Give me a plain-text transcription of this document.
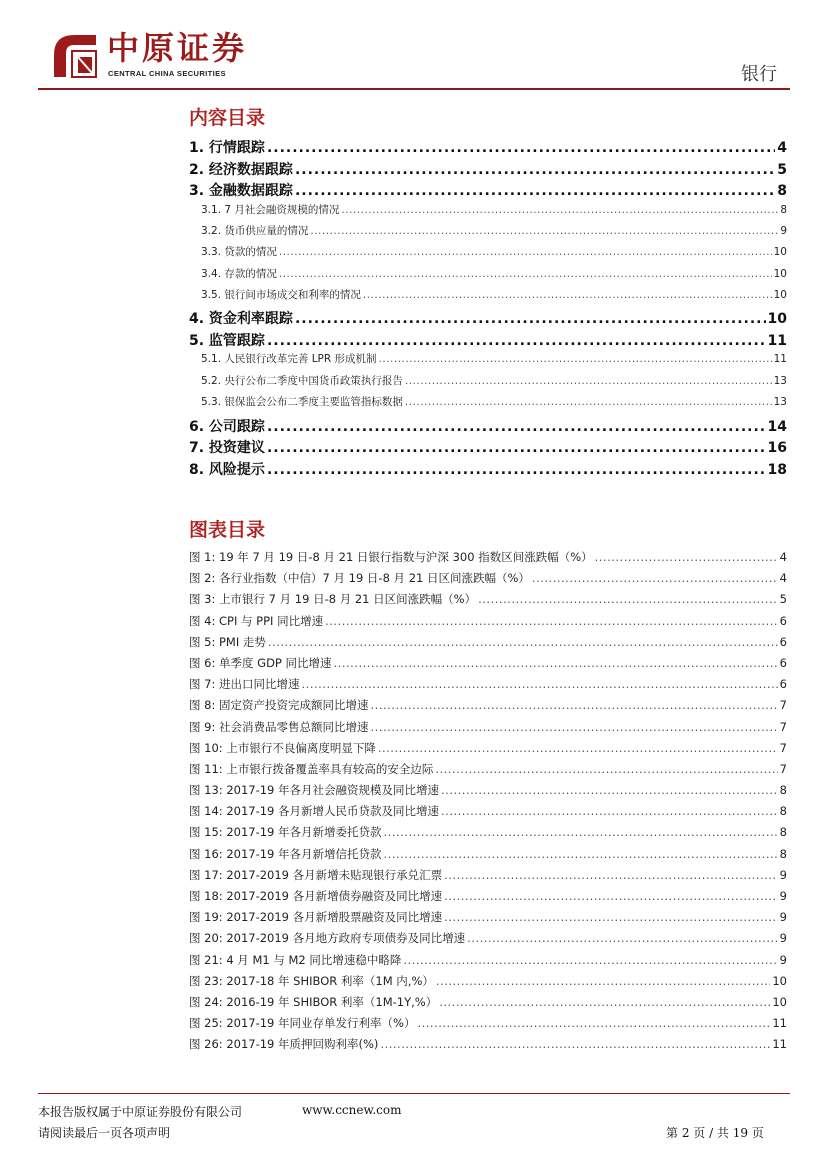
中原证券
CENTRAL CHINA SECURITIES	银行
内容目录
1. 行情跟踪 .....	4
2. 经济数据跟踪 .....	5
3. 金融数据跟踪 .....	8
3.1. 7 月社会融资规模的情况 .....	8
3.2. 货币供应量的情况 .....	9
3.3. 贷款的情况 .....	10
3.4. 存款的情况 .....	10
3.5. 银行间市场成交和利率的情况 .....	10
4. 资金利率跟踪 .....	10
5. 监管跟踪 .....	11
5.1. 人民银行改革完善 LPR 形成机制 .....	11
5.2. 央行公布二季度中国货币政策执行报告 .....	13
5.3. 银保监会公布二季度主要监管指标数据 .....	13
6. 公司跟踪 .....	14
7. 投资建议 .....	16
8. 风险提示 .....	18
图表目录
图 1: 19 年 7 月 19 日-8 月 21 日银行指数与沪深 300 指数区间涨跌幅（%） .....	4
图 2: 各行业指数（中信）7 月 19 日-8 月 21 日区间涨跌幅（%） .....	4
图 3: 上市银行 7 月 19 日-8 月 21 日区间涨跌幅（%） .....	5
图 4: CPI 与 PPI 同比增速 .....	6
图 5: PMI 走势 .....	6
图 6: 单季度 GDP 同比增速 .....	6
图 7: 进出口同比增速 .....	6
图 8: 固定资产投资完成额同比增速 .....	7
图 9: 社会消费品零售总额同比增速 .....	7
图 10: 上市银行不良偏离度明显下降 .....	7
图 11: 上市银行拨备覆盖率具有较高的安全边际 .....	7
图 13: 2017-19 年各月社会融资规模及同比增速 .....	8
图 14: 2017-19 各月新增人民币贷款及同比增速 .....	8
图 15: 2017-19 年各月新增委托贷款 .....	8
图 16: 2017-19 年各月新增信托贷款 .....	8
图 17: 2017-2019 各月新增未贴现银行承兑汇票 .....	9
图 18: 2017-2019 各月新增债券融资及同比增速 .....	9
图 19: 2017-2019 各月新增股票融资及同比增速 .....	9
图 20: 2017-2019 各月地方政府专项债券及同比增速 .....	9
图 21: 4 月 M1 与 M2 同比增速稳中略降 .....	9
图 23: 2017-18 年 SHIBOR 利率（1M 内,%） .....	10
图 24: 2016-19 年 SHIBOR 利率（1M-1Y,%） .....	10
图 25: 2017-19 年同业存单发行利率（%） .....	11
图 26: 2017-19 年质押回购利率(%) .....	11
本报告版权属于中原证券股份有限公司	www.ccnew.com
请阅读最后一页各项声明	第 2 页 / 共 19 页
